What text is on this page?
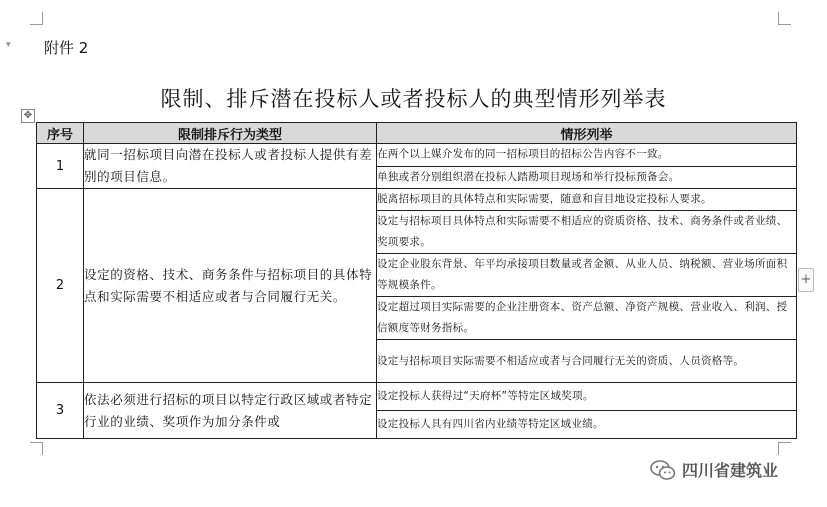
▾ 附件 2
限制、排斥潜在投标人或者投标人的典型情形列举表
✥
+
序号	限制排斥行为类型	情形列举
1	就同一招标项目向潜在投标人或者投标人提供有差别的项目信息。	在两个以上媒介发布的同一招标项目的招标公告内容不一致。
		单独或者分别组织潜在投标人踏勘项目现场和举行投标预备会。
2	设定的资格、技术、商务条件与招标项目的具体特点和实际需要不相适应或者与合同履行无关。	脱离招标项目的具体特点和实际需要，随意和盲目地设定投标人要求。
		设定与招标项目具体特点和实际需要不相适应的资质资格、技术、商务条件或者业绩、奖项要求。
		设定企业股东背景、年平均承接项目数量或者金额、从业人员、纳税额、营业场所面积等规模条件。
		设定超过项目实际需要的企业注册资本、资产总额、净资产规模、营业收入、利润、授信额度等财务指标。
		设定与招标项目实际需要不相适应或者与合同履行无关的资质、人员资格等。
3	依法必须进行招标的项目以特定行政区域或者特定行业的业绩、奖项作为加分条件或	设定投标人获得过“天府杯”等特定区域奖项。
		设定投标人具有四川省内业绩等特定区域业绩。
四川省建筑业
